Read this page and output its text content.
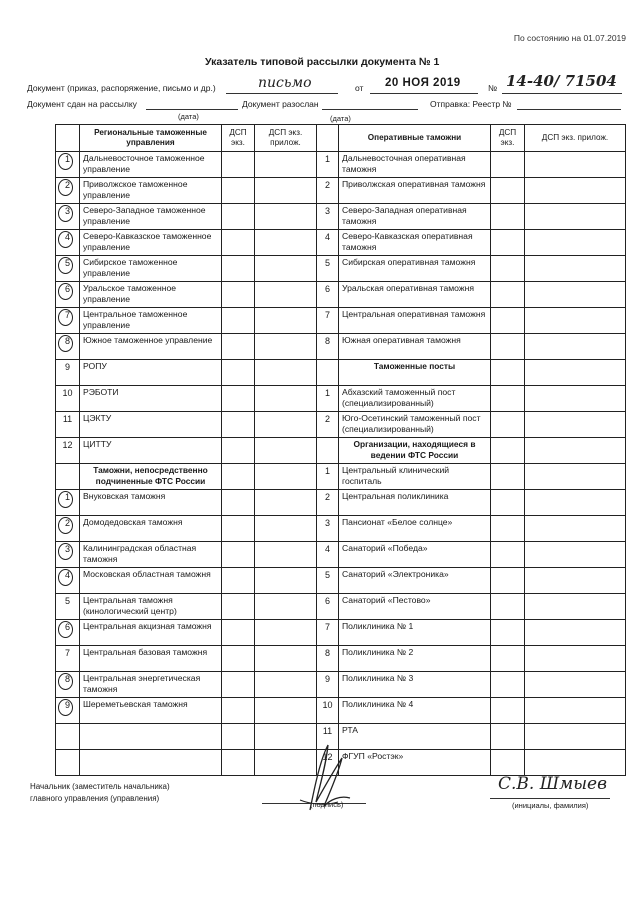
По состоянию на 01.07.2019
Указатель типовой рассылки документа № 1
Документ (приказ, распоряжение, письмо и др.)	письмо	от 20 НОЯ 2019	№ 14-40/ 71504
Документ сдан на рассылку	Документ разослан	Отправка: Реестр №
(дата)	(дата)
	Региональные таможенные управления	ДСП экз.	ДСП экз. прилож.		Оперативные таможни	ДСП экз.	ДСП экз. прилож.

1	Дальневосточное таможенное управление			1	Дальневосточная оперативная таможня		

2	Приволжское таможенное управление			2	Приволжская оперативная таможня		

3	Северо-Западное таможенное управление			3	Северо-Западная оперативная таможня		

4	Северо-Кавказское таможенное управление			4	Северо-Кавказская оперативная таможня		

5	Сибирское таможенное управление			5	Сибирская оперативная таможня		

6	Уральское таможенное управление			6	Уральская оперативная таможня		

7	Центральное таможенное управление			7	Центральная оперативная таможня		

8	Южное таможенное управление			8	Южная оперативная таможня		
9	РОПУ				Таможенные посты		
10	РЭБОТИ			1	Абхазский таможенный пост (специализированный)		
11	ЦЭКТУ			2	Юго-Осетинский таможенный пост (специализированный)		
12	ЦИТТУ				Организации, находящиеся в ведении ФТС России		
	Таможни, непосредственно подчиненные ФТС России			1	Центральный клинический госпиталь		

1	Внуковская таможня			2	Центральная поликлиника		

2	Домодедовская таможня			3	Пансионат «Белое солнце»		

3	Калининградская областная таможня			4	Санаторий «Победа»		

4	Московская областная таможня			5	Санаторий «Электроника»		
5	Центральная таможня (кинологический центр)			6	Санаторий «Пестово»		

6	Центральная акцизная таможня			7	Поликлиника № 1		
7	Центральная базовая таможня			8	Поликлиника № 2		

8	Центральная энергетическая таможня			9	Поликлиника № 3		

9	Шереметьевская таможня			10	Поликлиника № 4		
				11	РТА		
				12	ФГУП «Ростэк»		
Начальник (заместитель начальника)
главного управления (управления)
(подпись)
С.В. Шмыев
(инициалы, фамилия)
